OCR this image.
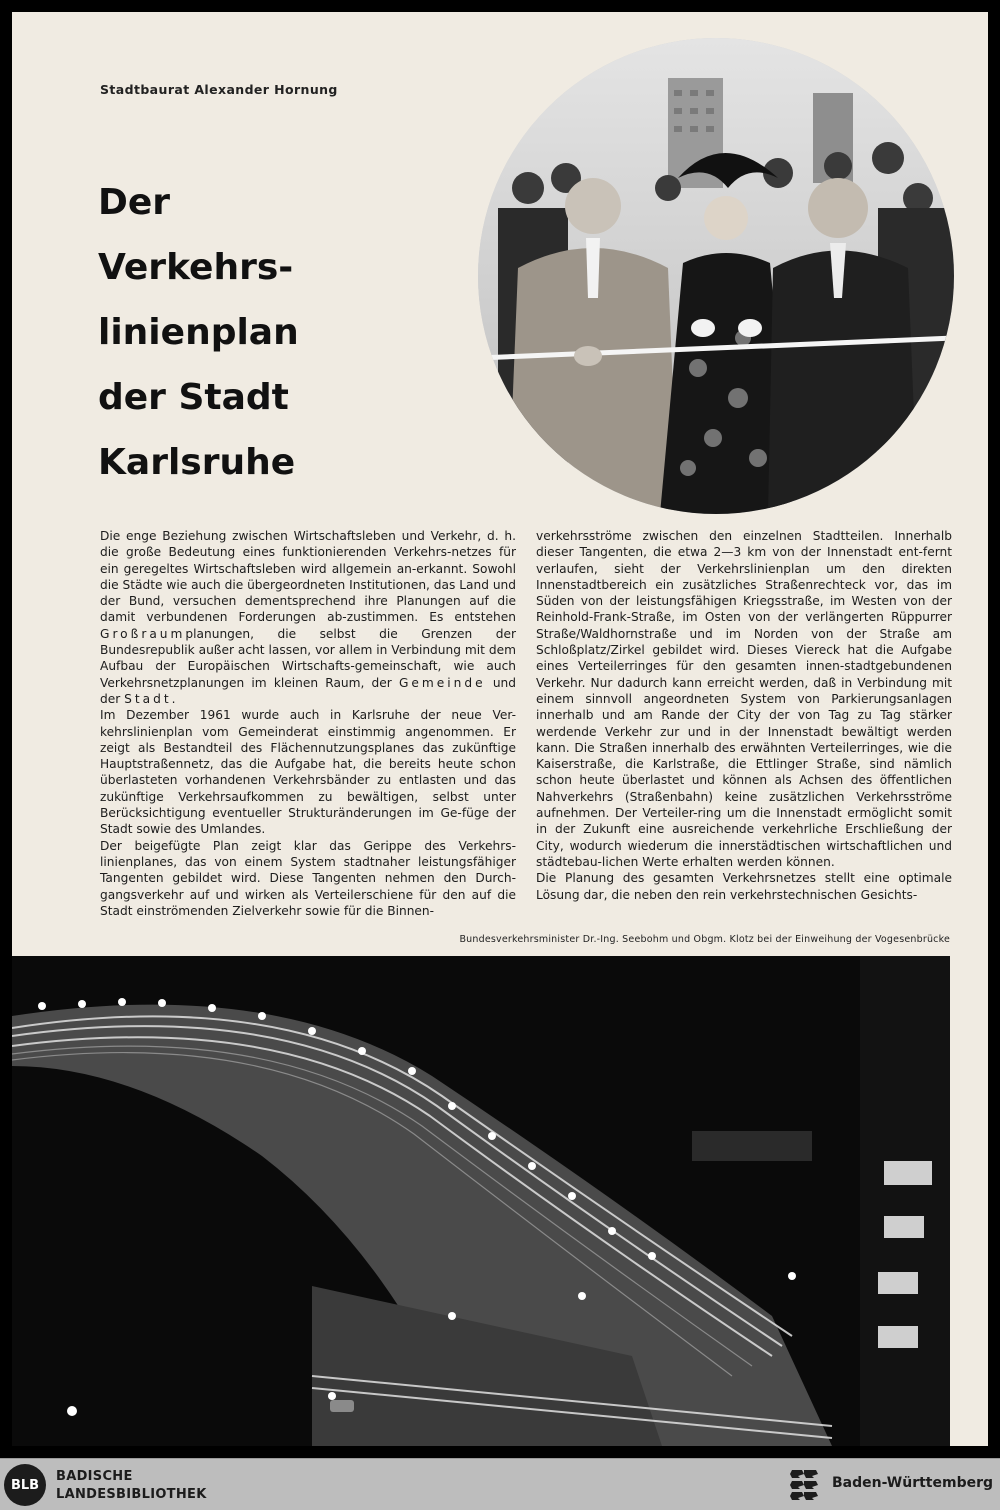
Stadtbaurat Alexander Hornung
Der
Verkehrs-
linienplan
der Stadt
Karlsruhe

Die enge Beziehung zwischen Wirtschaftsleben und Verkehr, d. h. die große Bedeutung eines funktionierenden Verkehrs-netzes für ein geregeltes Wirtschaftsleben wird allgemein an-erkannt. Sowohl die Städte wie auch die übergeordneten Institutionen, das Land und der Bund, versuchen dementsprechend ihre Planungen auf die damit verbundenen Forderungen ab-zustimmen. Es entstehen Großraumplanungen, die selbst die Grenzen der Bundesrepublik außer acht lassen, vor allem in Verbindung mit dem Aufbau der Europäischen Wirtschafts-gemeinschaft, wie auch Verkehrsnetzplanungen im kleinen Raum, der Gemeinde und der Stadt.

Im Dezember 1961 wurde auch in Karlsruhe der neue Ver-kehrslinienplan vom Gemeinderat einstimmig angenommen. Er zeigt als Bestandteil des Flächennutzungsplanes das zukünftige Hauptstraßennetz, das die Aufgabe hat, die bereits heute schon überlasteten vorhandenen Verkehrsbänder zu entlasten und das zukünftige Verkehrsaufkommen zu bewältigen, selbst unter Berücksichtigung eventueller Strukturänderungen im Ge-füge der Stadt sowie des Umlandes.

Der beigefügte Plan zeigt klar das Gerippe des Verkehrs-linienplanes, das von einem System stadtnaher leistungsfähiger Tangenten gebildet wird. Diese Tangenten nehmen den Durch-gangsverkehr auf und wirken als Verteilerschiene für den auf die Stadt einströmenden Zielverkehr sowie für die Binnen-

verkehrsströme zwischen den einzelnen Stadtteilen. Innerhalb dieser Tangenten, die etwa 2—3 km von der Innenstadt ent-fernt verlaufen, sieht der Verkehrslinienplan um den direkten Innenstadtbereich ein zusätzliches Straßenrechteck vor, das im Süden von der leistungsfähigen Kriegsstraße, im Westen von der Reinhold-Frank-Straße, im Osten von der verlängerten Rüppurrer Straße/Waldhornstraße und im Norden von der Straße am Schloßplatz/Zirkel gebildet wird. Dieses Viereck hat die Aufgabe eines Verteilerringes für den gesamten innen-stadtgebundenen Verkehr. Nur dadurch kann erreicht werden, daß in Verbindung mit einem sinnvoll angeordneten System von Parkierungsanlagen innerhalb und am Rande der City der von Tag zu Tag stärker werdende Verkehr zur und in der Innenstadt bewältigt werden kann. Die Straßen innerhalb des erwähnten Verteilerringes, wie die Kaiserstraße, die Karlstraße, die Ettlinger Straße, sind nämlich schon heute überlastet und können als Achsen des öffentlichen Nahverkehrs (Straßenbahn) keine zusätzlichen Verkehrsströme aufnehmen. Der Verteiler-ring um die Innenstadt ermöglicht somit in der Zukunft eine ausreichende verkehrliche Erschließung der City, wodurch wiederum die innerstädtischen wirtschaftlichen und städtebau-lichen Werte erhalten werden können.

Die Planung des gesamten Verkehrsnetzes stellt eine optimale Lösung dar, die neben den rein verkehrstechnischen Gesichts-

Bundesverkehrsminister Dr.-Ing. Seebohm und Obgm. Klotz bei der Einweihung der Vogesenbrücke
BLB
BADISCHE
LANDESBIBLIOTHEK
Baden-Württemberg
